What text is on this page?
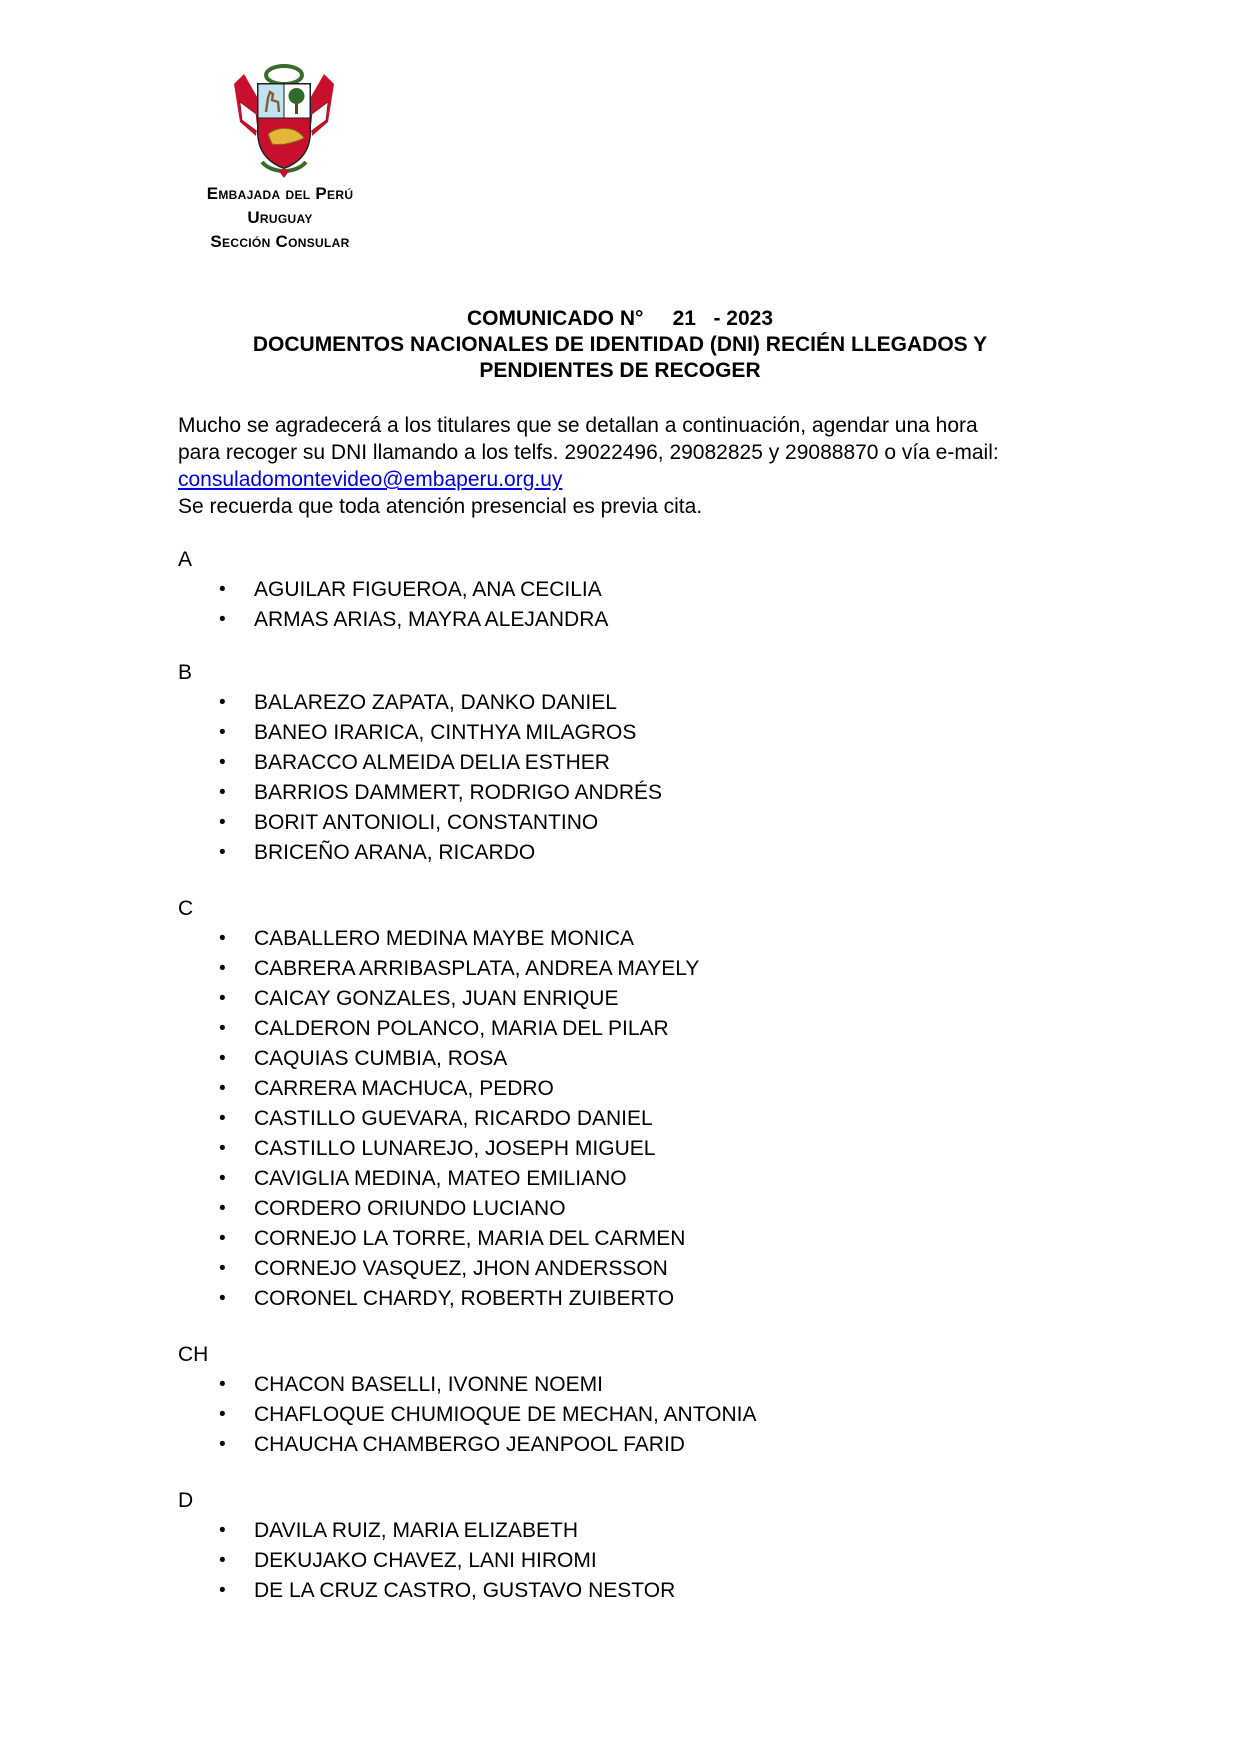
Embajada del Perú
Uruguay
Sección Consular
COMUNICADO N° 21 - 2023
DOCUMENTOS NACIONALES DE IDENTIDAD (DNI) RECIÉN LLEGADOS Y
PENDIENTES DE RECOGER
Mucho se agradecerá a los titulares que se detallan a continuación, agendar una hora
para recoger su DNI llamando a los telfs. 29022496, 29082825 y 29088870 o vía e-mail:
consuladomontevideo@embaperu.org.uy
Se recuerda que toda atención presencial es previa cita.
A
• AGUILAR FIGUEROA, ANA CECILIA
• ARMAS ARIAS, MAYRA ALEJANDRA
B
• BALAREZO ZAPATA, DANKO DANIEL
• BANEO IRARICA, CINTHYA MILAGROS
• BARACCO ALMEIDA DELIA ESTHER
• BARRIOS DAMMERT, RODRIGO ANDRÉS
• BORIT ANTONIOLI, CONSTANTINO
• BRICEÑO ARANA, RICARDO
C
• CABALLERO MEDINA MAYBE MONICA
• CABRERA ARRIBASPLATA, ANDREA MAYELY
• CAICAY GONZALES, JUAN ENRIQUE
• CALDERON POLANCO, MARIA DEL PILAR
• CAQUIAS CUMBIA, ROSA
• CARRERA MACHUCA, PEDRO
• CASTILLO GUEVARA, RICARDO DANIEL
• CASTILLO LUNAREJO, JOSEPH MIGUEL
• CAVIGLIA MEDINA, MATEO EMILIANO
• CORDERO ORIUNDO LUCIANO
• CORNEJO LA TORRE, MARIA DEL CARMEN
• CORNEJO VASQUEZ, JHON ANDERSSON
• CORONEL CHARDY, ROBERTH ZUIBERTO
CH
• CHACON BASELLI, IVONNE NOEMI
• CHAFLOQUE CHUMIOQUE DE MECHAN, ANTONIA
• CHAUCHA CHAMBERGO JEANPOOL FARID
D
• DAVILA RUIZ, MARIA ELIZABETH
• DEKUJAKO CHAVEZ, LANI HIROMI
• DE LA CRUZ CASTRO, GUSTAVO NESTOR
